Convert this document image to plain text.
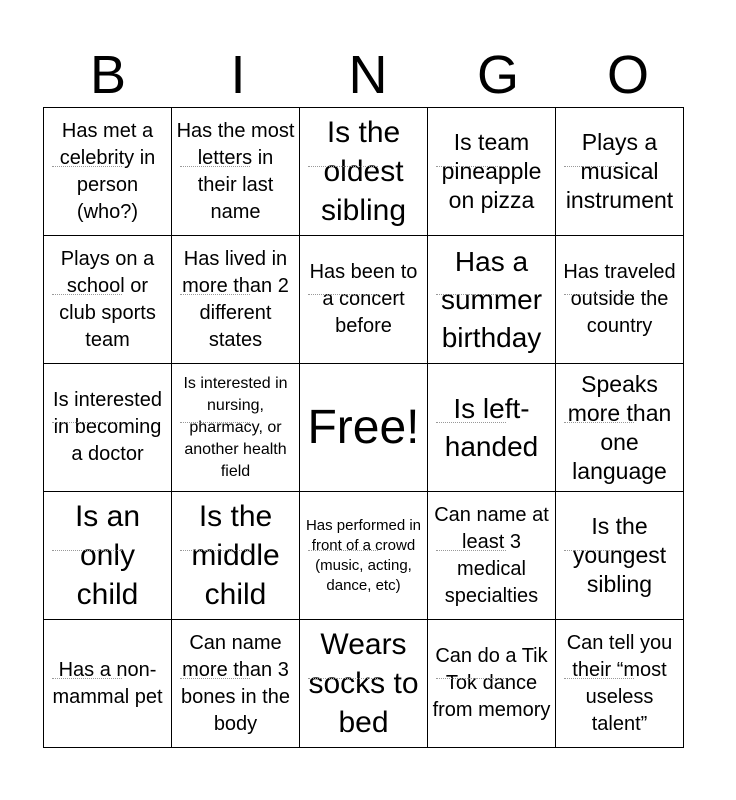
B	I	N	G	O
Has met a celebrity in person (who?)	Has the most letters in their last name	Is the oldest sibling	Is team pineapple on pizza	Plays a musical instrument

Plays on a school or club sports team	Has lived in more than 2 different states	Has been to a concert before	Has a summer birthday	Has traveled outside the country

Is interested in becoming a doctor	Is interested in nursing, pharmacy, or another health field	Free!	Is left-handed	Speaks more than one language

Is an only child	Is the middle child	Has performed in front of a crowd (music, acting, dance, etc)	Can name at least 3 medical specialties	Is the youngest sibling

Has a non-mammal pet	Can name more than 3 bones in the body	Wears socks to bed	Can do a Tik Tok dance from memory	Can tell you their “most useless talent”
